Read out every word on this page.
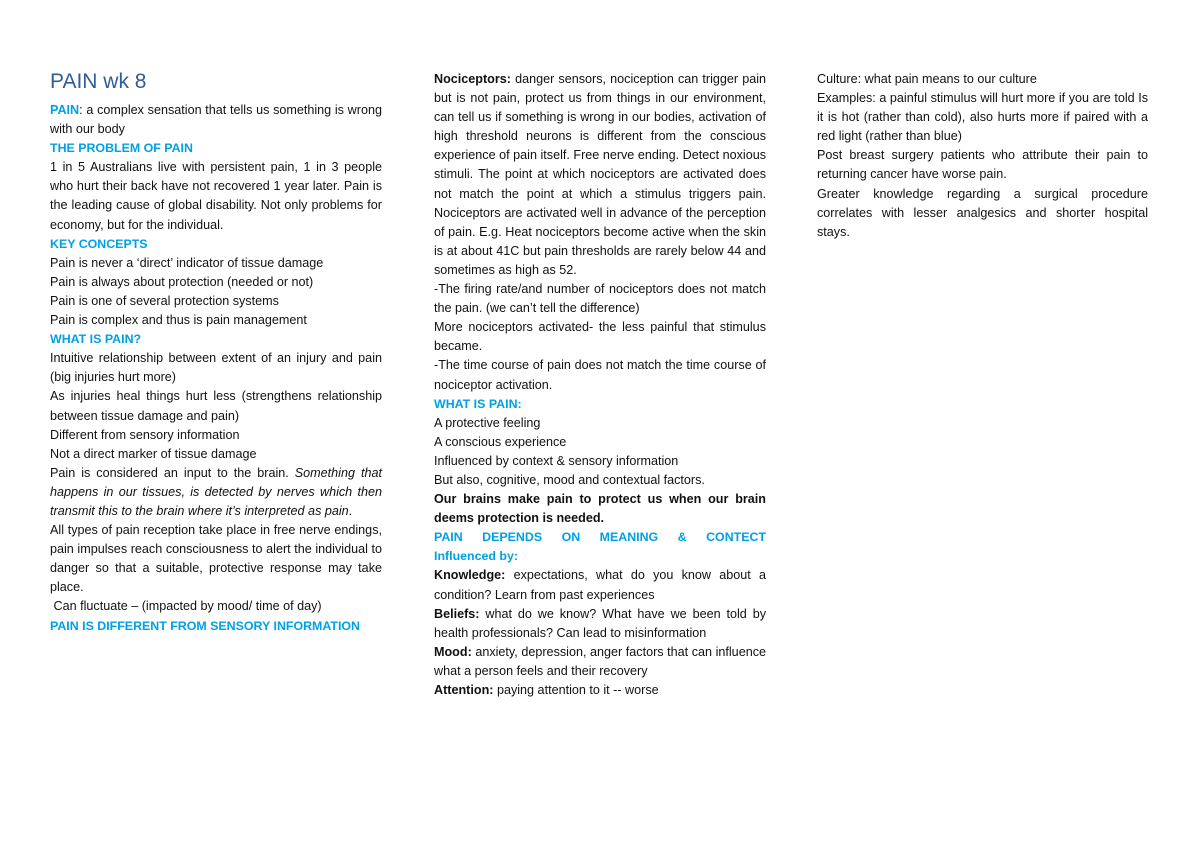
PAIN wk 8

PAIN: a complex sensation that tells us something is wrong with our body

THE PROBLEM OF PAIN

1 in 5 Australians live with persistent pain, 1 in 3 people who hurt their back have not recovered 1 year later. Pain is the leading cause of global disability. Not only problems for economy, but for the individual.

KEY CONCEPTS

Pain is never a ‘direct’ indicator of tissue damage

Pain is always about protection (needed or not)

Pain is one of several protection systems

Pain is complex and thus is pain management

WHAT IS PAIN?

Intuitive relationship between extent of an injury and pain (big injuries hurt more)

As injuries heal things hurt less (strengthens relationship between tissue damage and pain)

Different from sensory information

Not a direct marker of tissue damage

Pain is considered an input to the brain. Something that happens in our tissues, is detected by nerves which then transmit this to the brain where it’s interpreted as pain.

All types of pain reception take place in free nerve endings, pain impulses reach consciousness to alert the individual to danger so that a suitable, protective response may take place.

Can fluctuate – (impacted by mood/ time of day)

PAIN IS DIFFERENT FROM SENSORY INFORMATION

Nociceptors: danger sensors, nociception can trigger pain but is not pain, protect us from things in our environment, can tell us if something is wrong in our bodies, activation of high threshold neurons is different from the conscious experience of pain itself. Free nerve ending. Detect noxious stimuli. The point at which nociceptors are activated does not match the point at which a stimulus triggers pain. Nociceptors are activated well in advance of the perception of pain. E.g. Heat nociceptors become active when the skin is at about 41C but pain thresholds are rarely below 44 and sometimes as high as 52.

-The firing rate/and number of nociceptors does not match the pain. (we can’t tell the difference)

More nociceptors activated- the less painful that stimulus became.

-The time course of pain does not match the time course of nociceptor activation.

WHAT IS PAIN:

A protective feeling

A conscious experience

Influenced by context & sensory information

But also, cognitive, mood and contextual factors.

Our brains make pain to protect us when our brain deems protection is needed.

PAIN DEPENDS ON MEANING & CONTECT

Influenced by:

Knowledge: expectations, what do you know about a condition? Learn from past experiences

Beliefs: what do we know? What have we been told by health professionals? Can lead to misinformation

Mood: anxiety, depression, anger factors that can influence what a person feels and their recovery

Attention: paying attention to it -- worse

Culture: what pain means to our culture

Examples: a painful stimulus will hurt more if you are told Is it is hot (rather than cold), also hurts more if paired with a red light (rather than blue)

Post breast surgery patients who attribute their pain to returning cancer have worse pain.

Greater knowledge regarding a surgical procedure correlates with lesser analgesics and shorter hospital stays.
